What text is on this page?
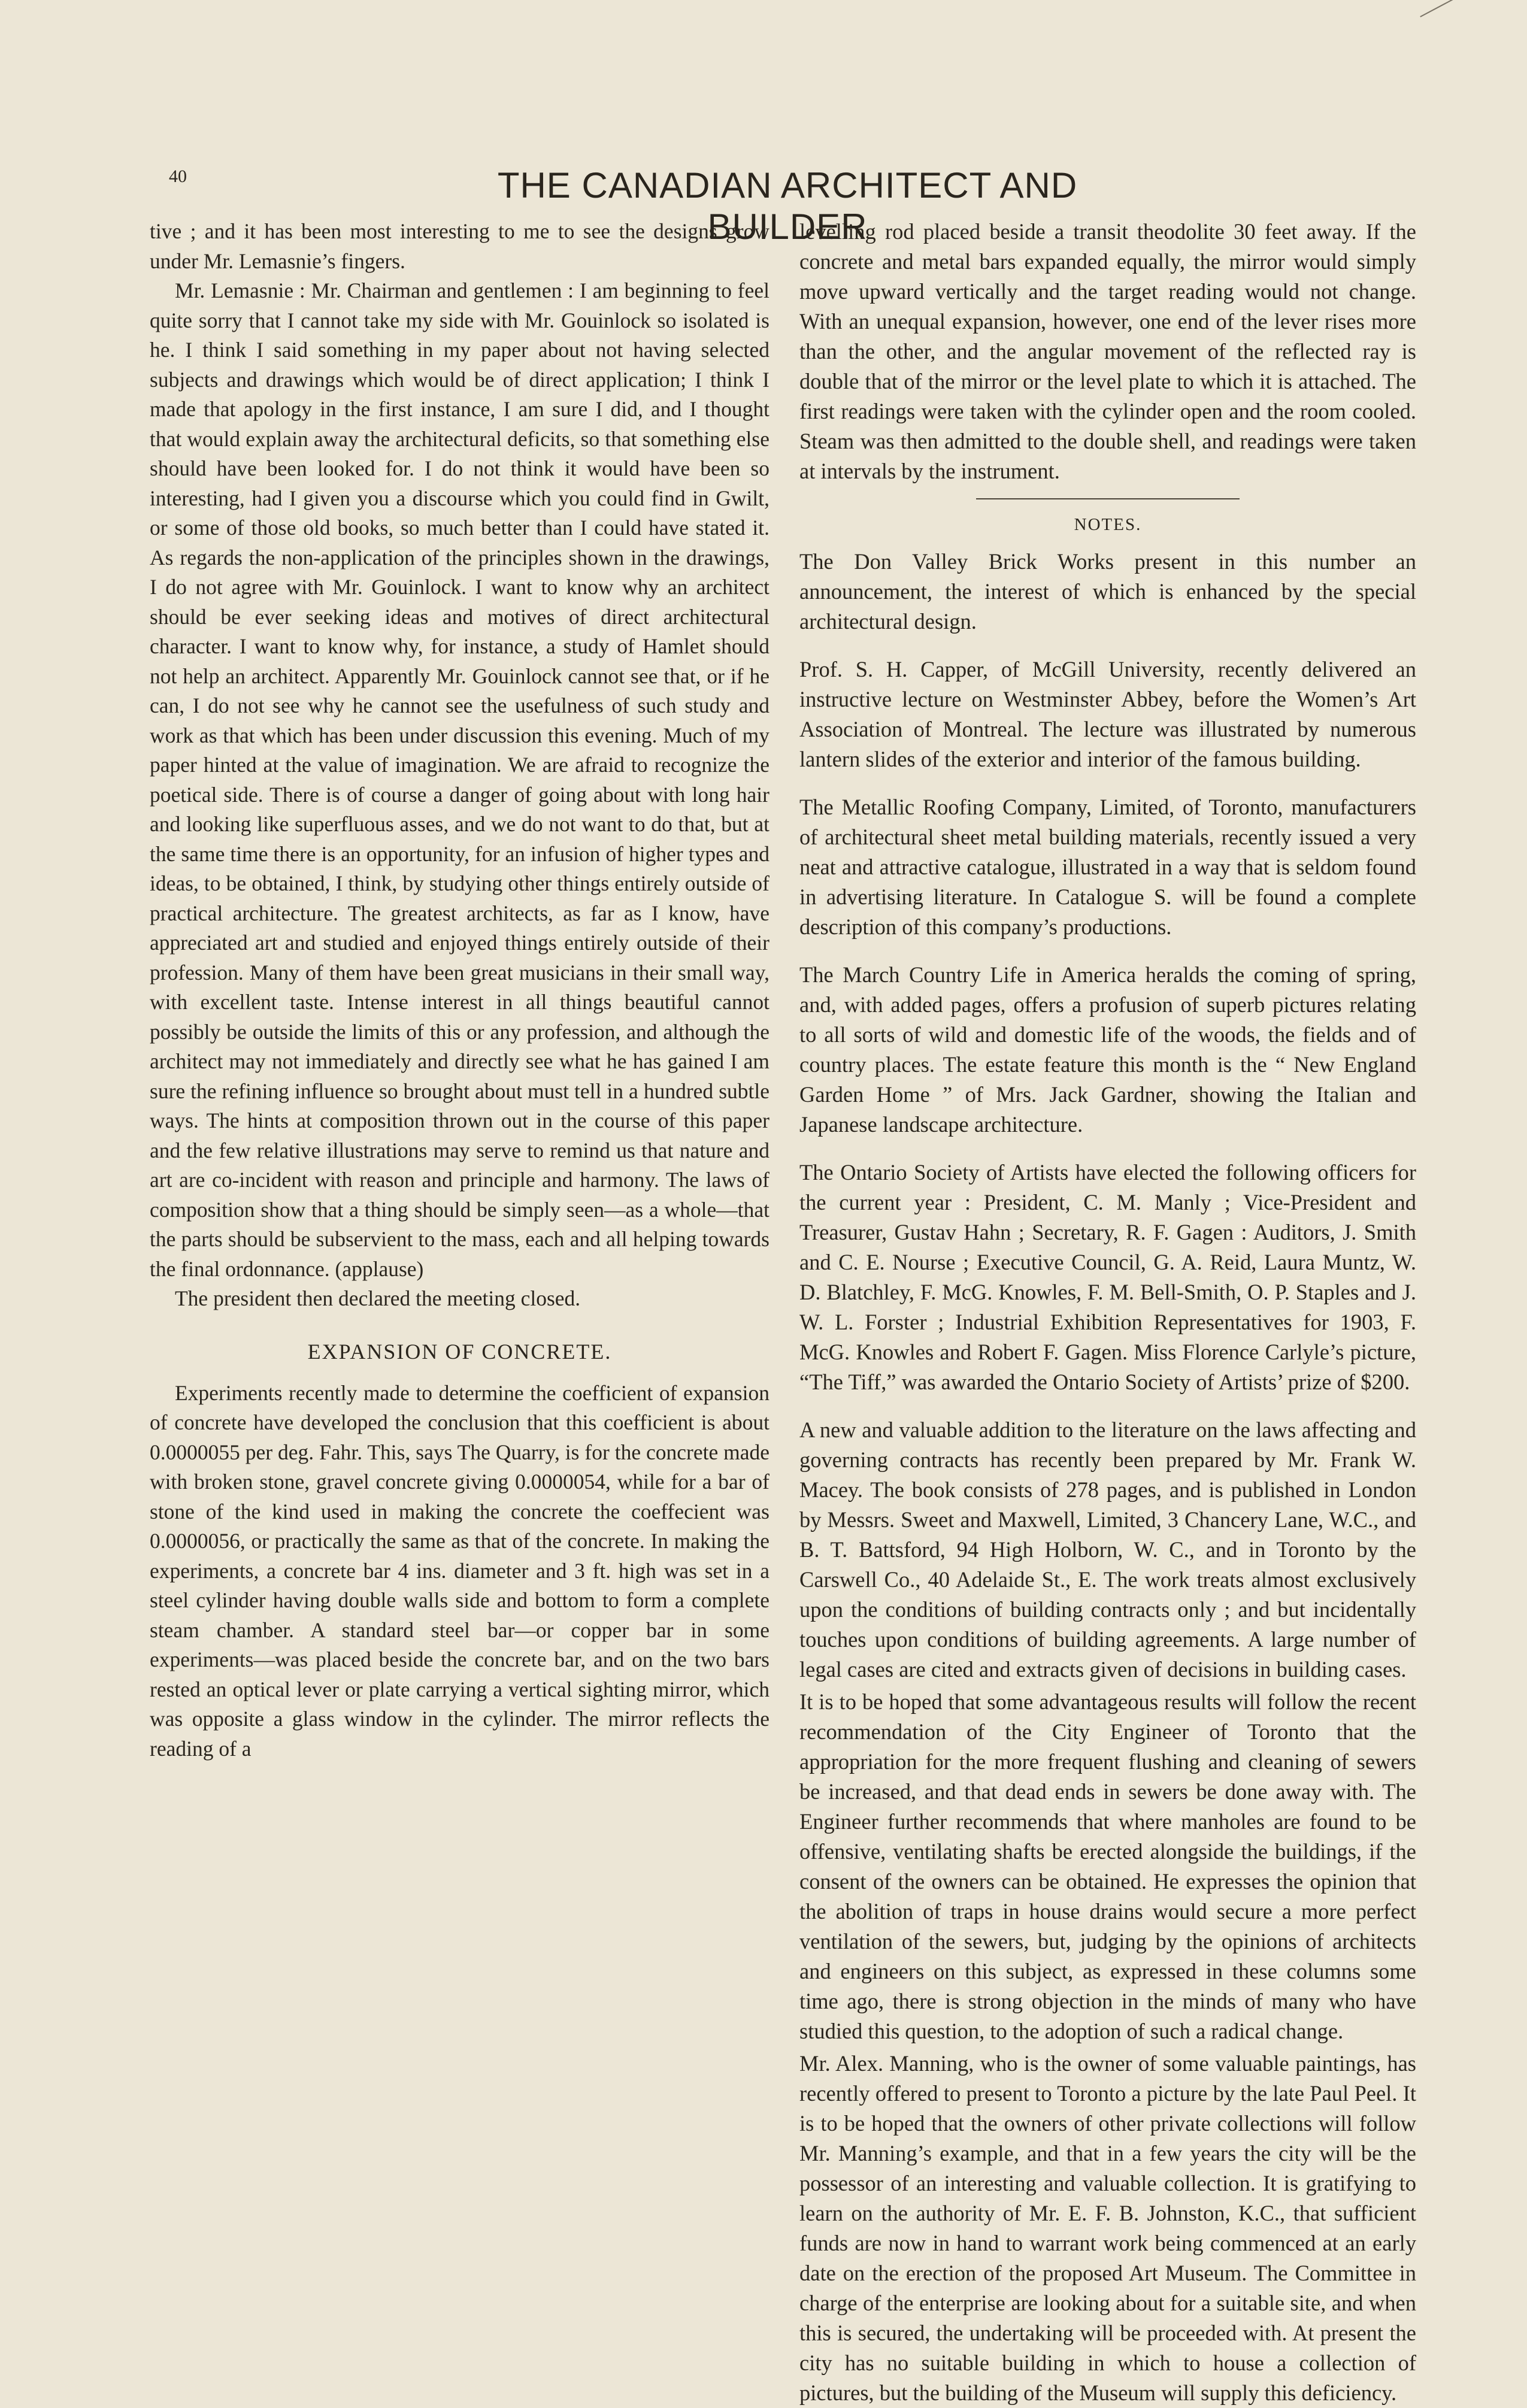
40	THE CANADIAN ARCHITECT AND BUILDER

tive ; and it has been most interesting to me to see the designs grow under Mr. Lemasnie’s fingers.

Mr. Lemasnie : Mr. Chairman and gentlemen : I am beginning to feel quite sorry that I cannot take my side with Mr. Gouinlock so isolated is he. I think I said something in my paper about not having selected subjects and drawings which would be of direct application; I think I made that apology in the first instance, I am sure I did, and I thought that would explain away the architectural deficits, so that something else should have been looked for. I do not think it would have been so interesting, had I given you a discourse which you could find in Gwilt, or some of those old books, so much better than I could have stated it. As regards the non-application of the principles shown in the drawings, I do not agree with Mr. Gouinlock. I want to know why an architect should be ever seeking ideas and motives of direct architectural character. I want to know why, for instance, a study of Hamlet should not help an architect. Apparently Mr. Gouinlock cannot see that, or if he can, I do not see why he cannot see the usefulness of such study and work as that which has been under discussion this evening. Much of my paper hinted at the value of imagination. We are afraid to recognize the poetical side. There is of course a danger of going about with long hair and looking like superfluous asses, and we do not want to do that, but at the same time there is an opportunity, for an infusion of higher types and ideas, to be obtained, I think, by studying other things entirely outside of practical architecture. The greatest architects, as far as I know, have appreciated art and studied and enjoyed things entirely outside of their profession. Many of them have been great musicians in their small way, with excellent taste. Intense interest in all things beautiful cannot possibly be outside the limits of this or any profession, and although the architect may not immediately and directly see what he has gained I am sure the refining influence so brought about must tell in a hundred subtle ways. The hints at composition thrown out in the course of this paper and the few relative illustrations may serve to remind us that nature and art are co-incident with reason and principle and harmony. The laws of composition show that a thing should be simply seen—as a whole—that the parts should be subservient to the mass, each and all helping towards the final ordonnance. (applause)

The president then declared the meeting closed.

EXPANSION OF CONCRETE.

Experiments recently made to determine the coefficient of expansion of concrete have developed the conclusion that this coefficient is about 0.0000055 per deg. Fahr. This, says The Quarry, is for the concrete made with broken stone, gravel concrete giving 0.0000054, while for a bar of stone of the kind used in making the concrete the coeffecient was 0.0000056, or practically the same as that of the concrete. In making the experiments, a concrete bar 4 ins. diameter and 3 ft. high was set in a steel cylinder having double walls side and bottom to form a complete steam chamber. A standard steel bar—or copper bar in some experiments—was placed beside the concrete bar, and on the two bars rested an optical lever or plate carrying a vertical sighting mirror, which was opposite a glass window in the cylinder. The mirror reflects the reading of a

levelling rod placed beside a transit theodolite 30 feet away. If the concrete and metal bars expanded equally, the mirror would simply move upward vertically and the target reading would not change. With an unequal expansion, however, one end of the lever rises more than the other, and the angular movement of the reflected ray is double that of the mirror or the level plate to which it is attached. The first readings were taken with the cylinder open and the room cooled. Steam was then admitted to the double shell, and readings were taken at intervals by the instrument.

NOTES.

The Don Valley Brick Works present in this number an announcement, the interest of which is enhanced by the special architectural design.

Prof. S. H. Capper, of McGill University, recently delivered an instructive lecture on Westminster Abbey, before the Women’s Art Association of Montreal. The lecture was illustrated by numerous lantern slides of the exterior and interior of the famous building.

The Metallic Roofing Company, Limited, of Toronto, manufacturers of architectural sheet metal building materials, recently issued a very neat and attractive catalogue, illustrated in a way that is seldom found in advertising literature. In Catalogue S. will be found a complete description of this company’s productions.

The March Country Life in America heralds the coming of spring, and, with added pages, offers a profusion of superb pictures relating to all sorts of wild and domestic life of the woods, the fields and of country places. The estate feature this month is the “ New England Garden Home ” of Mrs. Jack Gardner, showing the Italian and Japanese landscape architecture.

The Ontario Society of Artists have elected the following officers for the current year : President, C. M. Manly ; Vice-President and Treasurer, Gustav Hahn ; Secretary, R. F. Gagen : Auditors, J. Smith and C. E. Nourse ; Executive Council, G. A. Reid, Laura Muntz, W. D. Blatchley, F. McG. Knowles, F. M. Bell-Smith, O. P. Staples and J. W. L. Forster ; Industrial Exhibition Representatives for 1903, F. McG. Knowles and Robert F. Gagen. Miss Florence Carlyle’s picture, “The Tiff,” was awarded the Ontario Society of Artists’ prize of $200.

A new and valuable addition to the literature on the laws affecting and governing contracts has recently been prepared by Mr. Frank W. Macey. The book consists of 278 pages, and is published in London by Messrs. Sweet and Maxwell, Limited, 3 Chancery Lane, W.C., and B. T. Battsford, 94 High Holborn, W. C., and in Toronto by the Carswell Co., 40 Adelaide St., E. The work treats almost exclusively upon the conditions of building contracts only ; and but incidentally touches upon conditions of building agreements. A large number of legal cases are cited and extracts given of decisions in building cases.

It is to be hoped that some advantageous results will follow the recent recommendation of the City Engineer of Toronto that the appropriation for the more frequent flushing and cleaning of sewers be increased, and that dead ends in sewers be done away with. The Engineer further recommends that where manholes are found to be offensive, ventilating shafts be erected alongside the buildings, if the consent of the owners can be obtained. He expresses the opinion that the abolition of traps in house drains would secure a more perfect ventilation of the sewers, but, judging by the opinions of architects and engineers on this subject, as expressed in these columns some time ago, there is strong objection in the minds of many who have studied this question, to the adoption of such a radical change.

Mr. Alex. Manning, who is the owner of some valuable paintings, has recently offered to present to Toronto a picture by the late Paul Peel. It is to be hoped that the owners of other private collections will follow Mr. Manning’s example, and that in a few years the city will be the possessor of an interesting and valuable collection. It is gratifying to learn on the authority of Mr. E. F. B. Johnston, K.C., that sufficient funds are now in hand to warrant work being commenced at an early date on the erection of the proposed Art Museum. The Committee in charge of the enterprise are looking about for a suitable site, and when this is secured, the undertaking will be proceeded with. At present the city has no suitable building in which to house a collection of pictures, but the building of the Museum will supply this deficiency.
